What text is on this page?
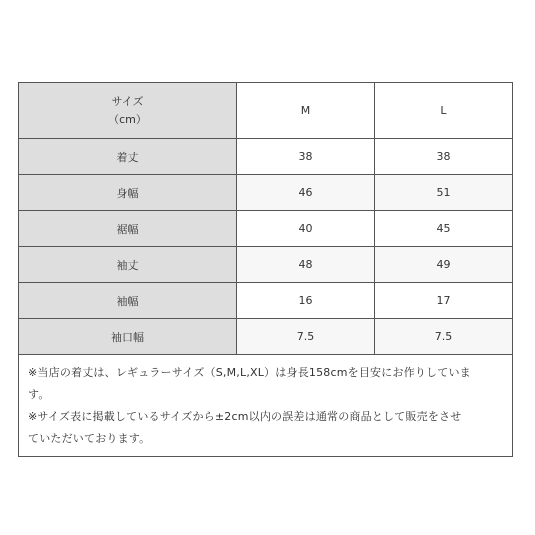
サイズ
（cm）	M	L
着丈	38	38
身幅	46	51
裾幅	40	45
袖丈	48	49
袖幅	16	17
袖口幅	7.5	7.5

※当店の着丈は、レギュラーサイズ（S,M,L,XL）は身長158cmを目安にお作りしていま
す。
※サイズ表に掲載しているサイズから±2cm以内の誤差は通常の商品として販売をさせ
ていただいております。		
